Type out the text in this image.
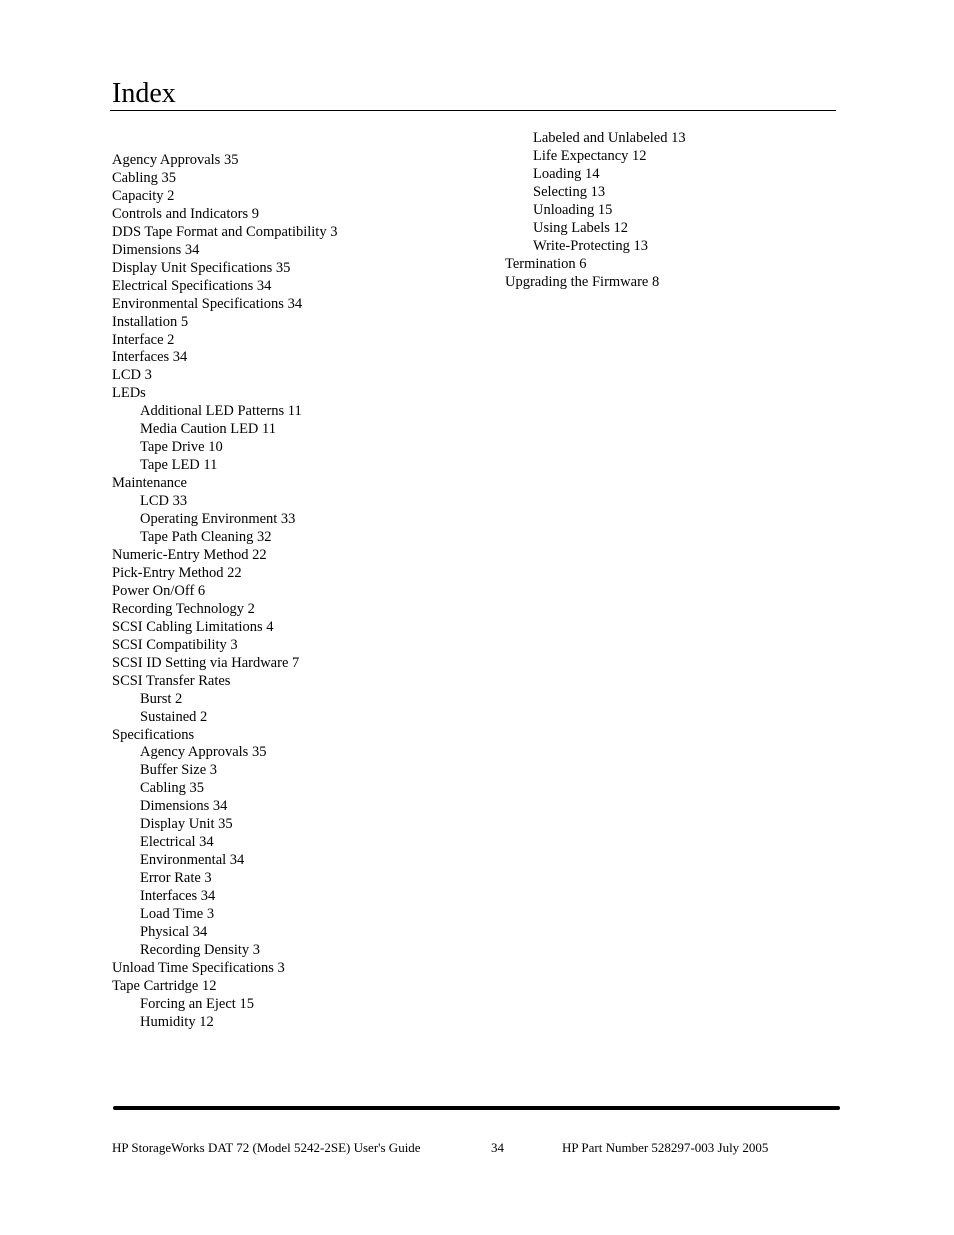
Index
Agency Approvals 35
Cabling 35
Capacity 2
Controls and Indicators 9
DDS Tape Format and Compatibility 3
Dimensions 34
Display Unit Specifications 35
Electrical Specifications 34
Environmental Specifications 34
Installation 5
Interface 2
Interfaces 34
LCD 3
LEDs
Additional LED Patterns 11
Media Caution LED 11
Tape Drive 10
Tape LED 11
Maintenance
LCD 33
Operating Environment 33
Tape Path Cleaning 32
Numeric-Entry Method 22
Pick-Entry Method 22
Power On/Off 6
Recording Technology 2
SCSI Cabling Limitations 4
SCSI Compatibility 3
SCSI ID Setting via Hardware 7
SCSI Transfer Rates
Burst 2
Sustained 2
Specifications
Agency Approvals 35
Buffer Size 3
Cabling 35
Dimensions 34
Display Unit 35
Electrical 34
Environmental 34
Error Rate 3
Interfaces 34
Load Time 3
Physical 34
Recording Density 3
Unload Time Specifications 3
Tape Cartridge 12
Forcing an Eject 15
Humidity 12
Labeled and Unlabeled 13
Life Expectancy 12
Loading 14
Selecting 13
Unloading 15
Using Labels 12
Write-Protecting 13
Termination 6
Upgrading the Firmware 8
HP StorageWorks DAT 72 (Model 5242-2SE) User's Guide	34	HP Part Number 528297-003 July 2005
